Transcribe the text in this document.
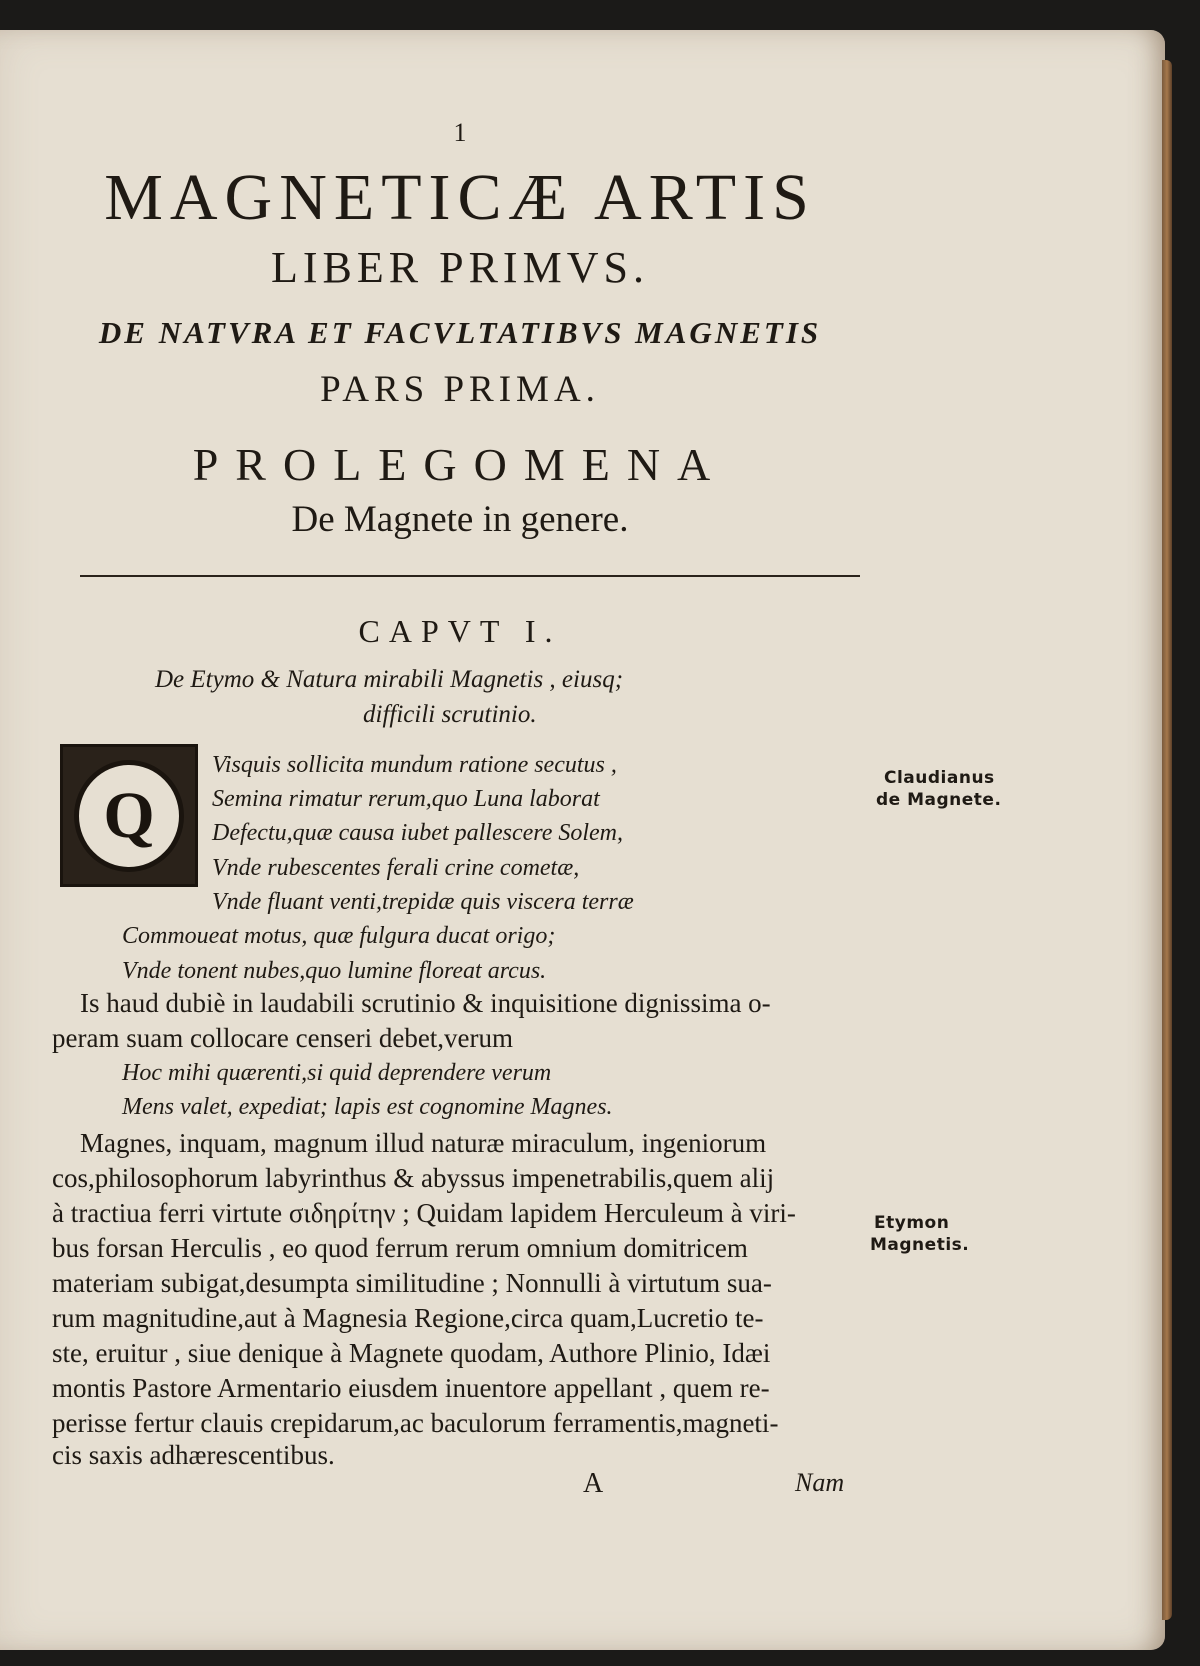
1
MAGNETICÆ ARTIS
LIBER PRIMVS.
DE NATVRA ET FACVLTATIBVS MAGNETIS
PARS PRIMA.
PROLEGOMENA
De Magnete in genere.
CAPVT I.
De Etymo & Natura mirabili Magnetis , eiusq;
difficili scrutinio.
Q
Visquis sollicita mundum ratione secutus ,
Semina rimatur rerum,quo Luna laborat
Defectu,quæ causa iubet pallescere Solem,
Vnde rubescentes ferali crine cometæ,
Vnde fluant venti,trepidæ quis viscera terræ
Commoueat motus, quæ fulgura ducat origo;
Vnde tonent nubes,quo lumine floreat arcus.
Is haud dubiè in laudabili scrutinio & inquisitione dignissima o-
peram suam collocare censeri debet,verum
Hoc mihi quærenti,si quid deprendere verum
Mens valet, expediat; lapis est cognomine Magnes.
Magnes, inquam, magnum illud naturæ miraculum, ingeniorum
cos,philosophorum labyrinthus & abyssus impenetrabilis,quem alij
à tractiua ferri virtute σιδηρίτην ; Quidam lapidem Herculeum à viri-
bus forsan Herculis , eo quod ferrum rerum omnium domitricem
materiam subigat,desumpta similitudine ; Nonnulli à virtutum sua-
rum magnitudine,aut à Magnesia Regione,circa quam,Lucretio te-
ste, eruitur , siue denique à Magnete quodam, Authore Plinio, Idæi
montis Pastore Armentario eiusdem inuentore appellant , quem re-
perisse fertur clauis crepidarum,ac baculorum ferramentis,magneti-
cis saxis adhærescentibus.
Claudianus
de Magnete.
Etymon
Magnetis.
A	Nam
